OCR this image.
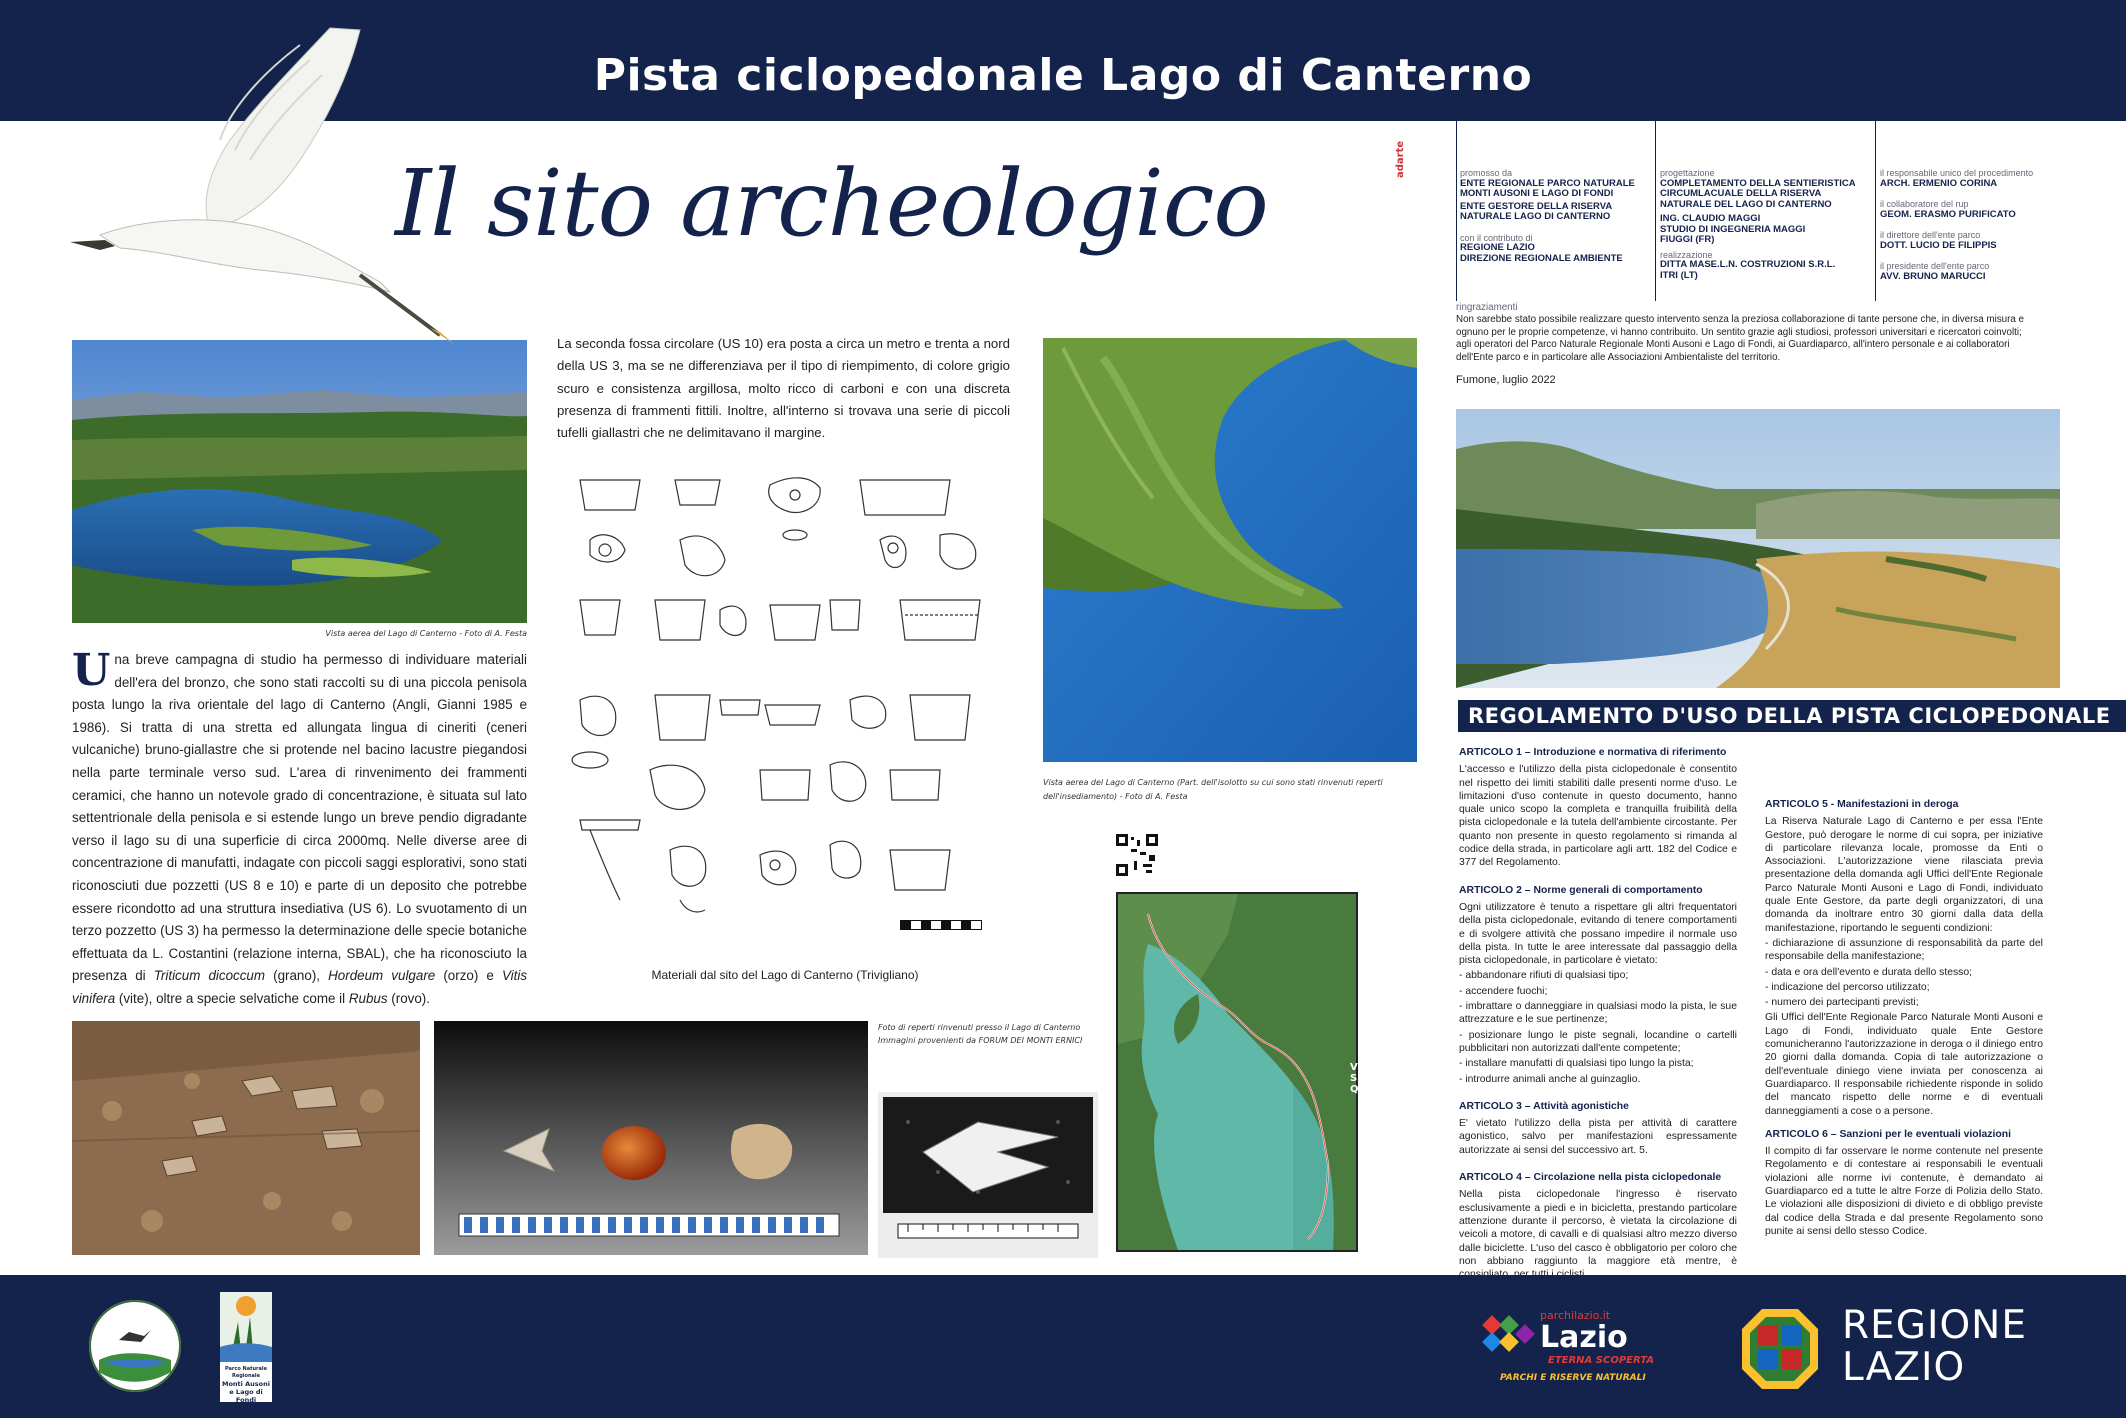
Pista ciclopedonale Lago di Canterno
Il sito archeologico
Vista aerea del Lago di Canterno - Foto di A. Festa
Una breve campagna di studio ha permesso di individuare materiali dell'era del bronzo, che sono stati raccolti su di una piccola penisola posta lungo la riva orientale del lago di Canterno (Angli, Gianni 1985 e 1986). Si tratta di una stretta ed allungata lingua di cineriti (ceneri vulcaniche) bruno-giallastre che si protende nel bacino lacustre piegandosi nella parte terminale verso sud. L'area di rinvenimento dei frammenti ceramici, che hanno un notevole grado di concentrazione, è situata sul lato settentrionale della penisola e si estende lungo un breve pendio digradante verso il lago su di una superficie di circa 2000mq. Nelle diverse aree di concentrazione di manufatti, indagate con piccoli saggi esplorativi, sono stati riconosciuti due pozzetti (US 8 e 10) e parte di un deposito che potrebbe essere ricondotto ad una struttura insediativa (US 6). Lo svuotamento di un terzo pozzetto (US 3) ha permesso la determinazione delle specie botaniche effettuata da L. Costantini (relazione interna, SBAL), che ha riconosciuto la presenza di Triticum dicoccum (grano), Hordeum vulgare (orzo) e Vitis vinifera (vite), oltre a specie selvatiche come il Rubus (rovo).
La seconda fossa circolare (US 10) era posta a circa un metro e trenta a nord della US 3, ma se ne differenziava per il tipo di riempimento, di colore grigio scuro e consistenza argillosa, molto ricco di carboni e con una discreta presenza di frammenti fittili. Inoltre, all'interno si trovava una serie di piccoli tufelli giallastri che ne delimitavano il margine.
Materiali dal sito del Lago di Canterno (Trivigliano)
Vista aerea del Lago di Canterno (Part. dell'isolotto su cui sono stati rinvenuti reperti dell'insediamento) - Foto di A. Festa
VOI
SIETE
QUI
Foto di reperti rinvenuti presso il Lago di Canterno Immagini provenienti da FORUM DEI MONTI ERNICI
adarte	promosso da
ENTE REGIONALE PARCO NATURALE MONTI AUSONI E LAGO DI FONDI
ENTE GESTORE DELLA RISERVA NATURALE LAGO DI CANTERNO
con il contributo di
REGIONE LAZIO
DIREZIONE REGIONALE AMBIENTE
progettazione
COMPLETAMENTO DELLA SENTIERISTICA CIRCUMLACUALE DELLA RISERVA NATURALE DEL LAGO DI CANTERNO
ING. CLAUDIO MAGGI
STUDIO DI INGEGNERIA MAGGI
FIUGGI (FR)
realizzazione
DITTA MASE.L.N. COSTRUZIONI S.R.L.
ITRI (LT)
il responsabile unico del procedimento
ARCH. ERMENIO CORINA
il collaboratore del rup
GEOM. ERASMO PURIFICATO
il direttore dell'ente parco
DOTT. LUCIO DE FILIPPIS
il presidente dell'ente parco
AVV. BRUNO MARUCCI
ringraziamenti
Non sarebbe stato possibile realizzare questo intervento senza la preziosa collaborazione di tante persone che, in diversa misura e ognuno per le proprie competenze, vi hanno contribuito. Un sentito grazie agli studiosi, professori universitari e ricercatori coinvolti; agli operatori del Parco Naturale Regionale Monti Ausoni e Lago di Fondi, ai Guardiaparco, all'intero personale e ai collaboratori dell'Ente parco e in particolare alle Associazioni Ambientaliste del territorio.
Fumone, luglio 2022
REGOLAMENTO D'USO DELLA PISTA CICLOPEDONALE
ARTICOLO 1 – Introduzione e normativa di riferimento

L'accesso e l'utilizzo della pista ciclopedonale è consentito nel rispetto dei limiti stabiliti dalle presenti norme d'uso. Le limitazioni d'uso contenute in questo documento, hanno quale unico scopo la completa e tranquilla fruibilità della pista ciclopedonale e la tutela dell'ambiente circostante. Per quanto non presente in questo regolamento si rimanda al codice della strada, in particolare agli artt. 182 del Codice e 377 del Regolamento.

ARTICOLO 2 – Norme generali di comportamento

Ogni utilizzatore è tenuto a rispettare gli altri frequentatori della pista ciclopedonale, evitando di tenere comportamenti e di svolgere attività che possano impedire il normale uso della pista. In tutte le aree interessate dal passaggio della pista ciclopedonale, in particolare è vietato:

- abbandonare rifiuti di qualsiasi tipo;

- accendere fuochi;

- imbrattare o danneggiare in qualsiasi modo la pista, le sue attrezzature e le sue pertinenze;

- posizionare lungo le piste segnali, locandine o cartelli pubblicitari non autorizzati dall'ente competente;

- installare manufatti di qualsiasi tipo lungo la pista;

- introdurre animali anche al guinzaglio.

ARTICOLO 3 – Attività agonistiche

E' vietato l'utilizzo della pista per attività di carattere agonistico, salvo per manifestazioni espressamente autorizzate ai sensi del successivo art. 5.

ARTICOLO 4 – Circolazione nella pista ciclopedonale

Nella pista ciclopedonale l'ingresso è riservato esclusivamente a piedi e in bicicletta, prestando particolare attenzione durante il percorso, è vietata la circolazione di veicoli a motore, di cavalli e di qualsiasi altro mezzo diverso dalle biciclette. L'uso del casco è obbligatorio per coloro che non abbiano raggiunto la maggiore età mentre, è

ARTICOLO 5 - Manifestazioni in deroga

La Riserva Naturale Lago di Canterno e per essa l'Ente Gestore, può derogare le norme di cui sopra, per iniziative di particolare rilevanza locale, promosse da Enti o Associazioni. L'autorizzazione viene rilasciata previa presentazione della domanda agli Uffici dell'Ente Regionale Parco Naturale Monti Ausoni e Lago di Fondi, individuato quale Ente Gestore, da parte degli organizzatori, di una domanda da inoltrare entro 30 giorni dalla data della manifestazione, riportando le seguenti condizioni:

- dichiarazione di assunzione di responsabilità da parte del responsabile della manifestazione;

- data e ora dell'evento e durata dello stesso;

- indicazione del percorso utilizzato;

- numero dei partecipanti previsti;

Gli Uffici dell'Ente Regionale Parco Naturale Monti Ausoni e Lago di Fondi, individuato quale Ente Gestore comunicheranno l'autorizzazione in deroga o il diniego entro 20 giorni dalla domanda. Copia di tale autorizzazione o dell'eventuale diniego viene inviata per conoscenza ai Guardiaparco. Il responsabile richiedente risponde in solido del mancato rispetto delle norme e di eventuali danneggiamenti a cose o a persone.

ARTICOLO 6 – Sanzioni per le eventuali violazioni

Il compito di far osservare le norme contenute nel presente Regolamento e di contestare ai responsabili le eventuali violazioni alle norme ivi contenute, è demandato ai Guardiaparco ed a tutte le altre Forze di Polizia dello Stato. Le violazioni alle disposizioni di divieto e di obbligo previste dal codice della Strada e dal presente Regolamento sono punite ai sensi dello stesso Codice.

Parco Naturale Regionale
Monti Ausoni
e Lago di Fondi
parchilazio.it
Lazio
ETERNA SCOPERTA
PARCHI E RISERVE NATURALI
REGIONE
LAZIO
